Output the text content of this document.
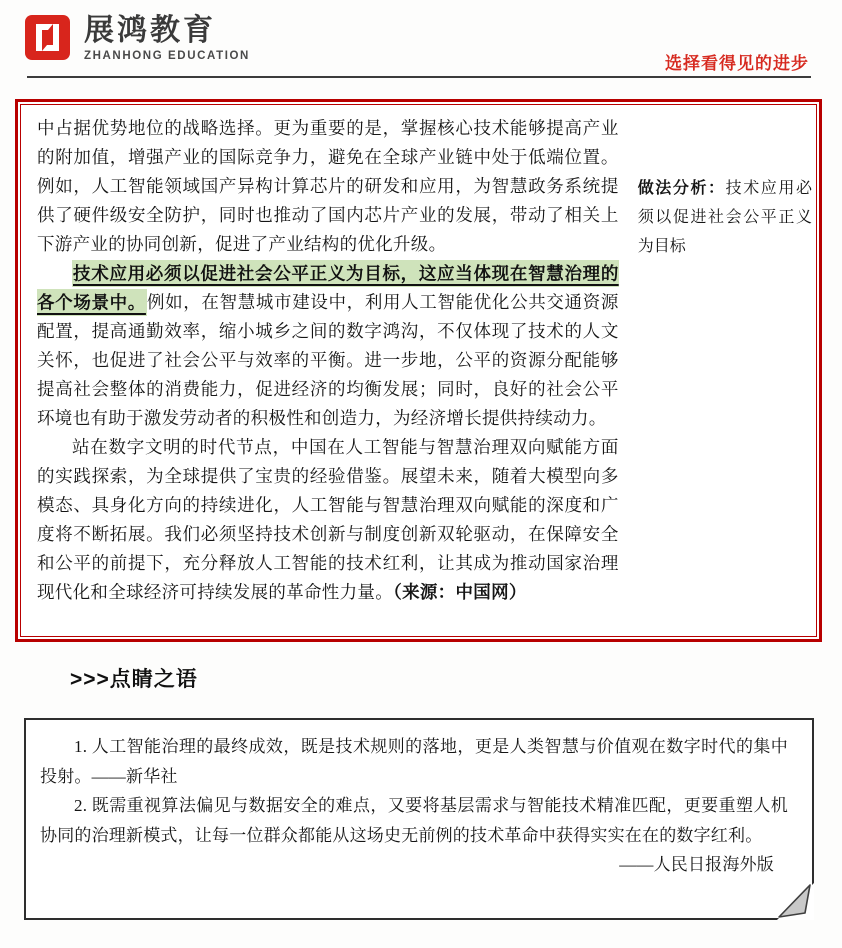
展鸿教育
ZHANHONG EDUCATION	选择看得见的进步

中占据优势地位的战略选择。更为重要的是，掌握核心技术能够提高产业的附加值，增强产业的国际竞争力，避免在全球产业链中处于低端位置。例如，人工智能领域国产异构计算芯片的研发和应用，为智慧政务系统提供了硬件级安全防护，同时也推动了国内芯片产业的发展，带动了相关上下游产业的协同创新，促进了产业结构的优化升级。

技术应用必须以促进社会公平正义为目标，这应当体现在智慧治理的各个场景中。例如，在智慧城市建设中，利用人工智能优化公共交通资源配置，提高通勤效率，缩小城乡之间的数字鸿沟，不仅体现了技术的人文关怀，也促进了社会公平与效率的平衡。进一步地，公平的资源分配能够提高社会整体的消费能力，促进经济的均衡发展；同时，良好的社会公平环境也有助于激发劳动者的积极性和创造力，为经济增长提供持续动力。

站在数字文明的时代节点，中国在人工智能与智慧治理双向赋能方面的实践探索，为全球提供了宝贵的经验借鉴。展望未来，随着大模型向多模态、具身化方向的持续进化，人工智能与智慧治理双向赋能的深度和广度将不断拓展。我们必须坚持技术创新与制度创新双轮驱动，在保障安全和公平的前提下，充分释放人工智能的技术红利，让其成为推动国家治理现代化和全球经济可持续发展的革命性力量。（来源：中国网）

做法分析：技术应用必须以促进社会公平正义为目标
>>>点睛之语

1. 人工智能治理的最终成效，既是技术规则的落地，更是人类智慧与价值观在数字时代的集中投射。——新华社

2. 既需重视算法偏见与数据安全的难点，又要将基层需求与智能技术精准匹配，更要重塑人机协同的治理新模式，让每一位群众都能从这场史无前例的技术革命中获得实实在在的数字红利。

——人民日报海外版
